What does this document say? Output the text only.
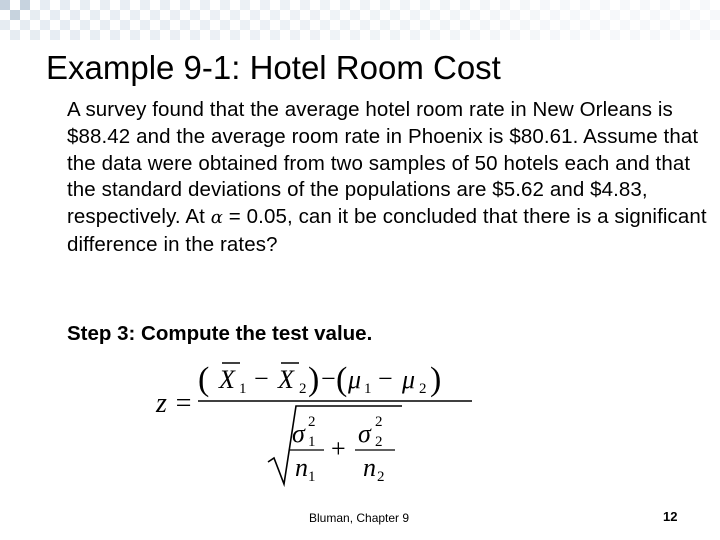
Example 9-1: Hotel Room Cost
A survey found that the average hotel room rate in New Orleans is $88.42 and the average room rate in Phoenix is $80.61. Assume that the data were obtained from two samples of 50 hotels each and that the standard deviations of the populations are $5.62 and $4.83, respectively. At α = 0.05, can it be concluded that there is a significant difference in the rates?
Step 3: Compute the test value.
z =
( X 1 − X 2 ) − ( μ 1 − μ 2 )
σ 2
1
n 1
+
σ 2
2
n 2
Bluman, Chapter 9	12
